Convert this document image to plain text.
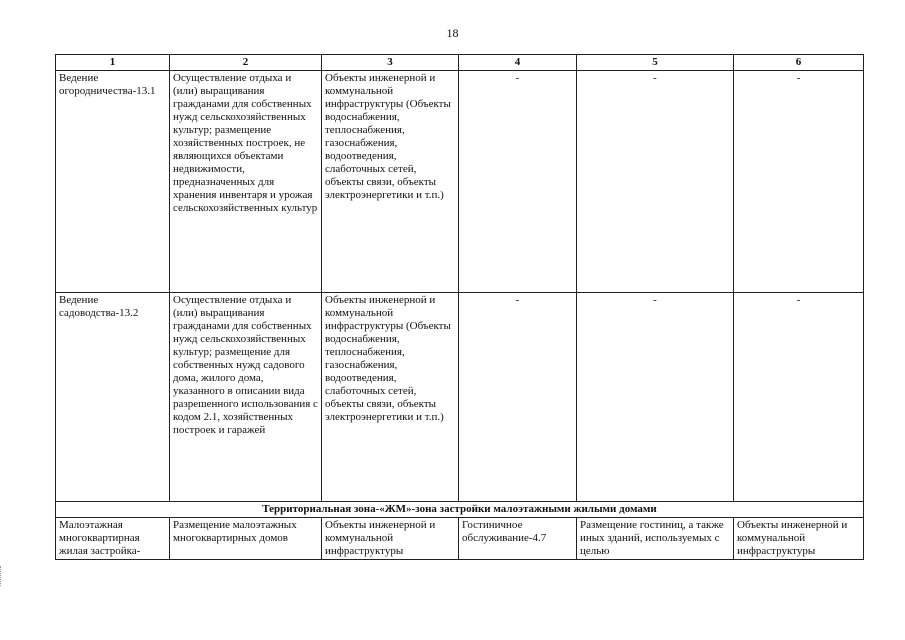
18
1	2	3	4	5	6
Ведение огородничества-13.1	Осуществление отдыха и (или) выращивания гражданами для собственных нужд сельскохозяйственных культур; размещение хозяйственных построек, не являющихся объектами недвижимости, предназначенных для хранения инвентаря и урожая сельскохозяйственных культур	Объекты инженерной и коммунальной инфраструктуры (Объекты водоснабжения, теплоснабжения, газоснабжения, водоотведения, слаботочных сетей, объекты связи, объекты электроэнергетики и т.п.)	-	-	-
Ведение садоводства-13.2	Осуществление отдыха и (или) выращивания гражданами для собственных нужд сельскохозяйственных культур; размещение для собственных нужд садового дома, жилого дома, указанного в описании вида разрешенного использования с кодом 2.1, хозяйственных построек и гаражей	Объекты инженерной и коммунальной инфраструктуры (Объекты водоснабжения, теплоснабжения, газоснабжения, водоотведения, слаботочных сетей, объекты связи, объекты электроэнергетики и т.п.)	-	-	-
Территориальная зона-«ЖМ»-зона застройки малоэтажными жилыми домами					
Малоэтажная многоквартирная жилая застройка-	Размещение малоэтажных многоквартирных домов	Объекты инженерной и коммунальной инфраструктуры	Гостиничное обслуживание-4.7	Размещение гостиниц, а также иных зданий, используемых с целью	Объекты инженерной и коммунальной инфраструктуры
